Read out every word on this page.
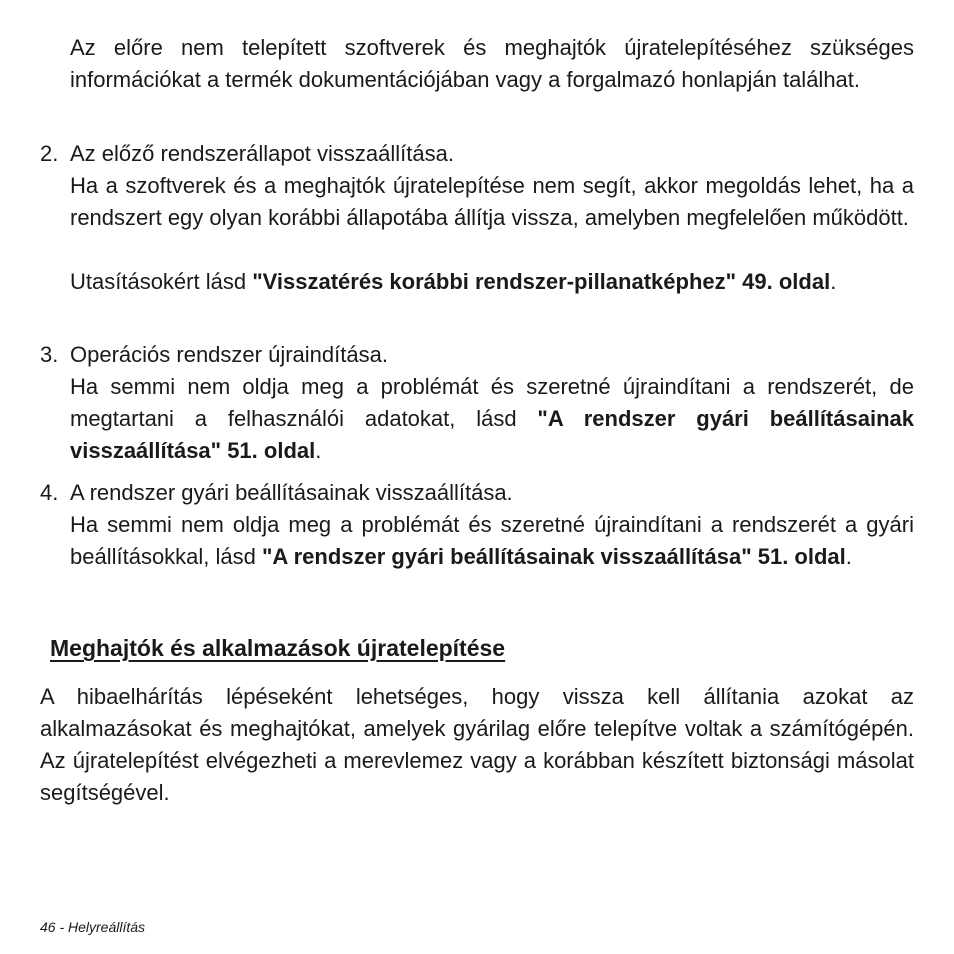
Az előre nem telepített szoftverek és meghajtók újratelepítéséhez szükséges információkat a termék dokumentációjában vagy a forgalmazó honlapján találhat.

2. Az előző rendszerállapot visszaállítása.

Ha a szoftverek és a meghajtók újratelepítése nem segít, akkor megoldás lehet, ha a rendszert egy olyan korábbi állapotába állítja vissza, amelyben megfelelően működött.

Utasításokért lásd "Visszatérés korábbi rendszer-pillanatképhez" 49. oldal.

3. Operációs rendszer újraindítása.

Ha semmi nem oldja meg a problémát és szeretné újraindítani a rendszerét, de megtartani a felhasználói adatokat, lásd "A rendszer gyári beállításainak visszaállítása" 51. oldal.

4. A rendszer gyári beállításainak visszaállítása.

Ha semmi nem oldja meg a problémát és szeretné újraindítani a rendszerét a gyári beállításokkal, lásd "A rendszer gyári beállításainak visszaállítása" 51. oldal.

Meghajtók és alkalmazások újratelepítése

A hibaelhárítás lépéseként lehetséges, hogy vissza kell állítania azokat az alkalmazásokat és meghajtókat, amelyek gyárilag előre telepítve voltak a számítógépén. Az újratelepítést elvégezheti a merevlemez vagy a korábban készített biztonsági másolat segítségével.

46 - Helyreállítás
